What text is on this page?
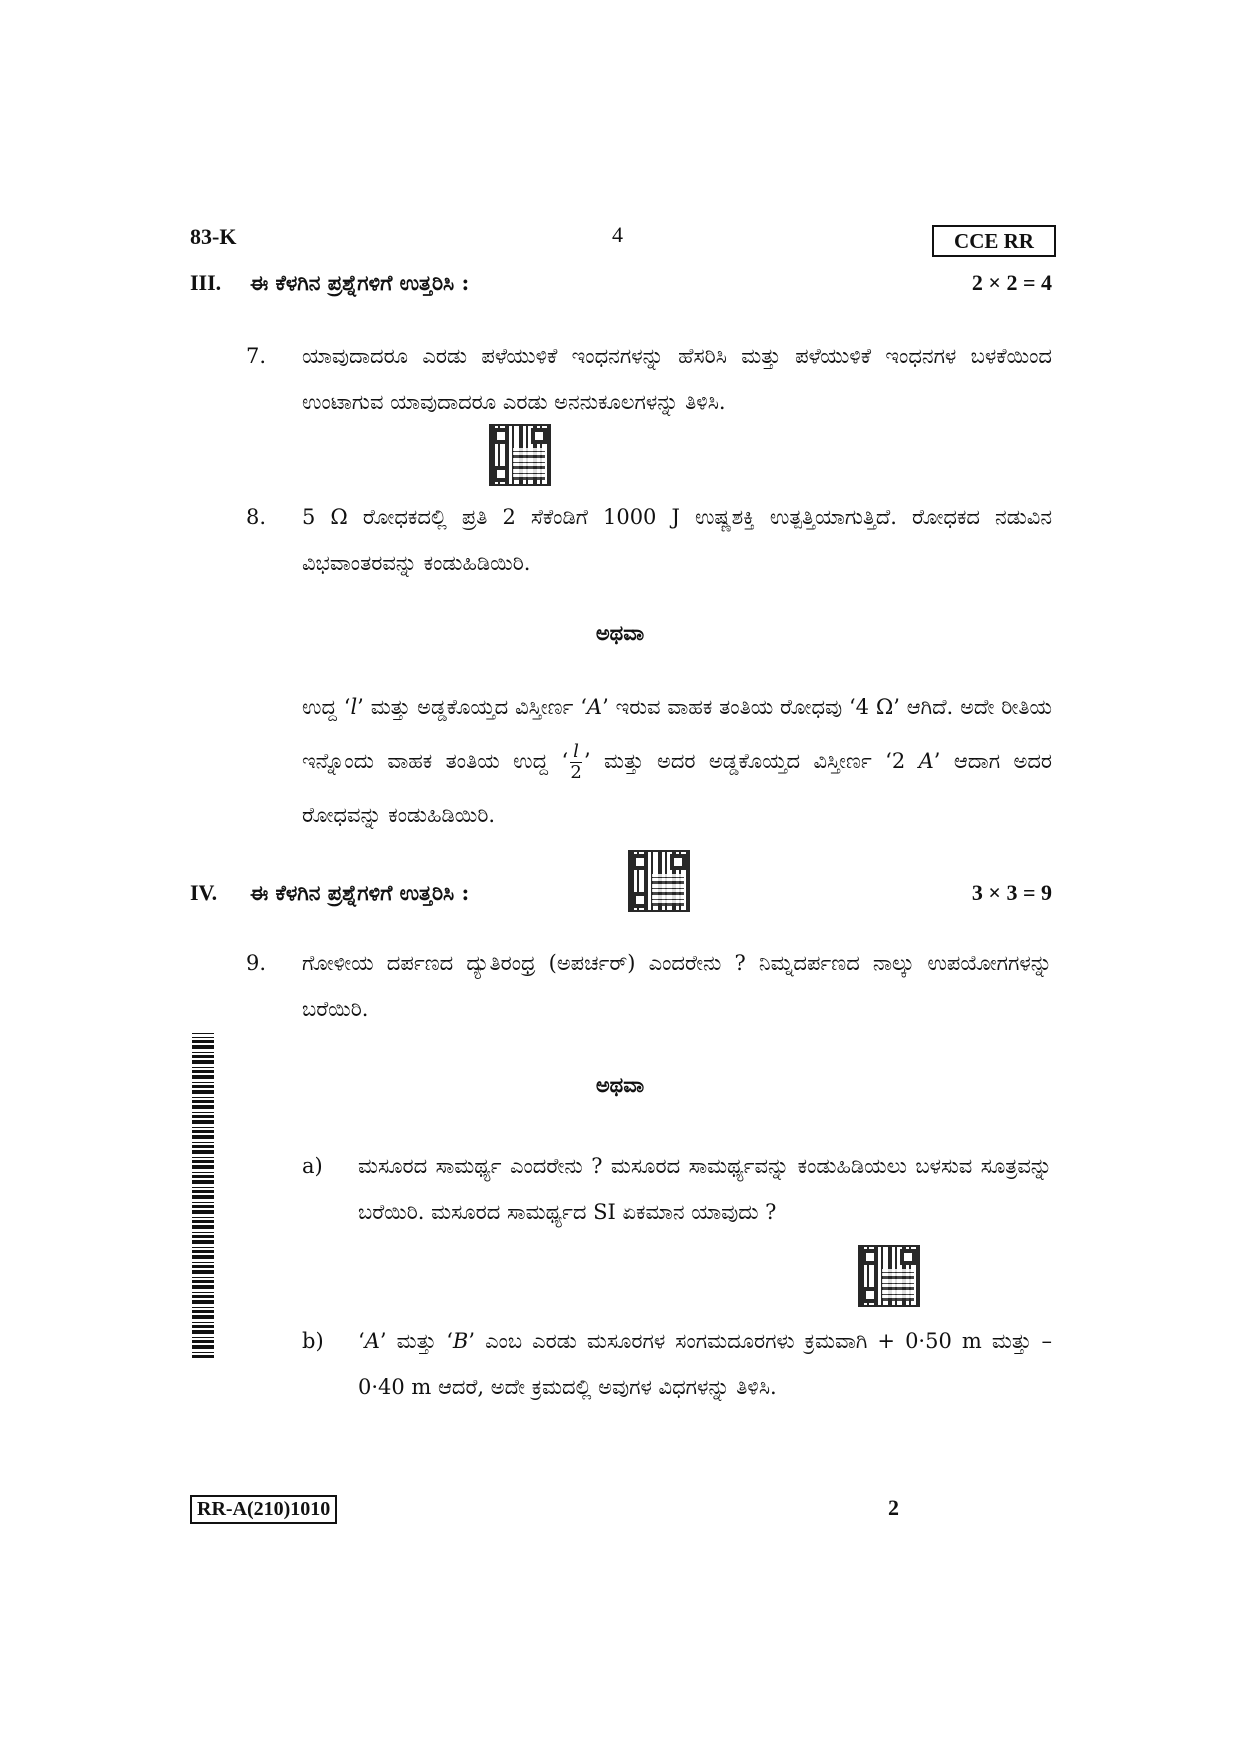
83-K	4	CCE RR
III. ಈ ಕೆಳಗಿನ ಪ್ರಶ್ನೆಗಳಿಗೆ ಉತ್ತರಿಸಿ :	2 × 2 = 4
7. ಯಾವುದಾದರೂ ಎರಡು ಪಳೆಯುಳಿಕೆ ಇಂಧನಗಳನ್ನು ಹೆಸರಿಸಿ ಮತ್ತು ಪಳೆಯುಳಿಕೆ ಇಂಧನಗಳ ಬಳಕೆಯಿಂದ ಉಂಟಾಗುವ ಯಾವುದಾದರೂ ಎರಡು ಅನನುಕೂಲಗಳನ್ನು ತಿಳಿಸಿ.
8. 5 Ω ರೋಧಕದಲ್ಲಿ ಪ್ರತಿ 2 ಸೆಕೆಂಡಿಗೆ 1000 J ಉಷ್ಣಶಕ್ತಿ ಉತ್ಪತ್ತಿಯಾಗುತ್ತಿದೆ. ರೋಧಕದ ನಡುವಿನ ವಿಭವಾಂತರವನ್ನು ಕಂಡುಹಿಡಿಯಿರಿ.
ಅಥವಾ
ಉದ್ದ ‘l’ ಮತ್ತು ಅಡ್ಡಕೊಯ್ತದ ವಿಸ್ತೀರ್ಣ ‘A’ ಇರುವ ವಾಹಕ ತಂತಿಯ ರೋಧವು ‘4 Ω’ ಆಗಿದೆ. ಅದೇ ರೀತಿಯ ಇನ್ನೊಂದು ವಾಹಕ ತಂತಿಯ ಉದ್ದ ‘ $\frac{l}{2}$ ’ ಮತ್ತು ಅದರ ಅಡ್ಡಕೊಯ್ತದ ವಿಸ್ತೀರ್ಣ ‘2 A’ ಆದಾಗ ಅದರ ರೋಧವನ್ನು ಕಂಡುಹಿಡಿಯಿರಿ.
IV. ಈ ಕೆಳಗಿನ ಪ್ರಶ್ನೆಗಳಿಗೆ ಉತ್ತರಿಸಿ :	3 × 3 = 9
9. ಗೋಳೀಯ ದರ್ಪಣದ ದ್ಯುತಿರಂಧ್ರ (ಅಪರ್ಚರ್) ಎಂದರೇನು ? ನಿಮ್ನದರ್ಪಣದ ನಾಲ್ಕು ಉಪಯೋಗಗಳನ್ನು ಬರೆಯಿರಿ.
ಅಥವಾ
a) ಮಸೂರದ ಸಾಮರ್ಥ್ಯ ಎಂದರೇನು ? ಮಸೂರದ ಸಾಮರ್ಥ್ಯವನ್ನು ಕಂಡುಹಿಡಿಯಲು ಬಳಸುವ ಸೂತ್ರವನ್ನು ಬರೆಯಿರಿ. ಮಸೂರದ ಸಾಮರ್ಥ್ಯದ SI ಏಕಮಾನ ಯಾವುದು ?
b) ‘A’ ಮತ್ತು ‘B’ ಎಂಬ ಎರಡು ಮಸೂರಗಳ ಸಂಗಮದೂರಗಳು ಕ್ರಮವಾಗಿ + 0·50 m ಮತ್ತು – 0·40 m ಆದರೆ, ಅದೇ ಕ್ರಮದಲ್ಲಿ ಅವುಗಳ ವಿಧಗಳನ್ನು ತಿಳಿಸಿ.
RR-A(210)1010	2
